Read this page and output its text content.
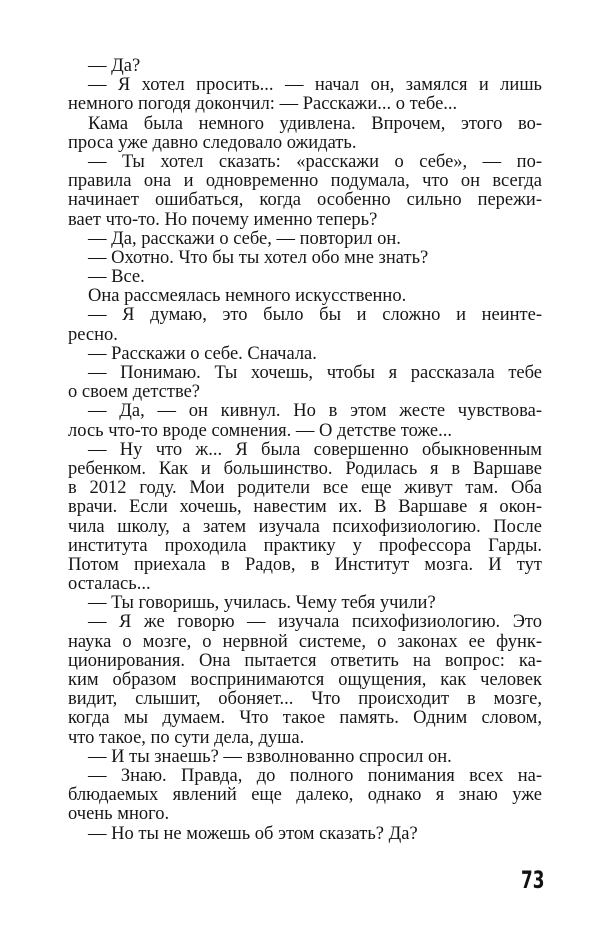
— Да?
— Я хотел просить... — начал он, замялся и лишь
немного погодя докончил: — Расскажи... о тебе...
Кама была немного удивлена. Впрочем, этого во-
проса уже давно следовало ожидать.
— Ты хотел сказать: «расскажи о себе», — по-
правила она и одновременно подумала, что он всегда
начинает ошибаться, когда особенно сильно пережи-
вает что-то. Но почему именно теперь?
— Да, расскажи о себе, — повторил он.
— Охотно. Что бы ты хотел обо мне знать?
— Все.
Она рассмеялась немного искусственно.
— Я думаю, это было бы и сложно и неинте-
ресно.
— Расскажи о себе. Сначала.
— Понимаю. Ты хочешь, чтобы я рассказала тебе
о своем детстве?
— Да, — он кивнул. Но в этом жесте чувствова-
лось что-то вроде сомнения. — О детстве тоже...
— Ну что ж... Я была совершенно обыкновенным
ребенком. Как и большинство. Родилась я в Варшаве
в 2012 году. Мои родители все еще живут там. Оба
врачи. Если хочешь, навестим их. В Варшаве я окон-
чила школу, а затем изучала психофизиологию. После
института проходила практику у профессора Гарды.
Потом приехала в Радов, в Институт мозга. И тут
осталась...
— Ты говоришь, училась. Чему тебя учили?
— Я же говорю — изучала психофизиологию. Это
наука о мозге, о нервной системе, о законах ее функ-
ционирования. Она пытается ответить на вопрос: ка-
ким образом воспринимаются ощущения, как человек
видит, слышит, обоняет... Что происходит в мозге,
когда мы думаем. Что такое память. Одним словом,
что такое, по сути дела, душа.
— И ты знаешь? — взволнованно спросил он.
— Знаю. Правда, до полного понимания всех на-
блюдаемых явлений еще далеко, однако я знаю уже
очень много.
— Но ты не можешь об этом сказать? Да?
73
